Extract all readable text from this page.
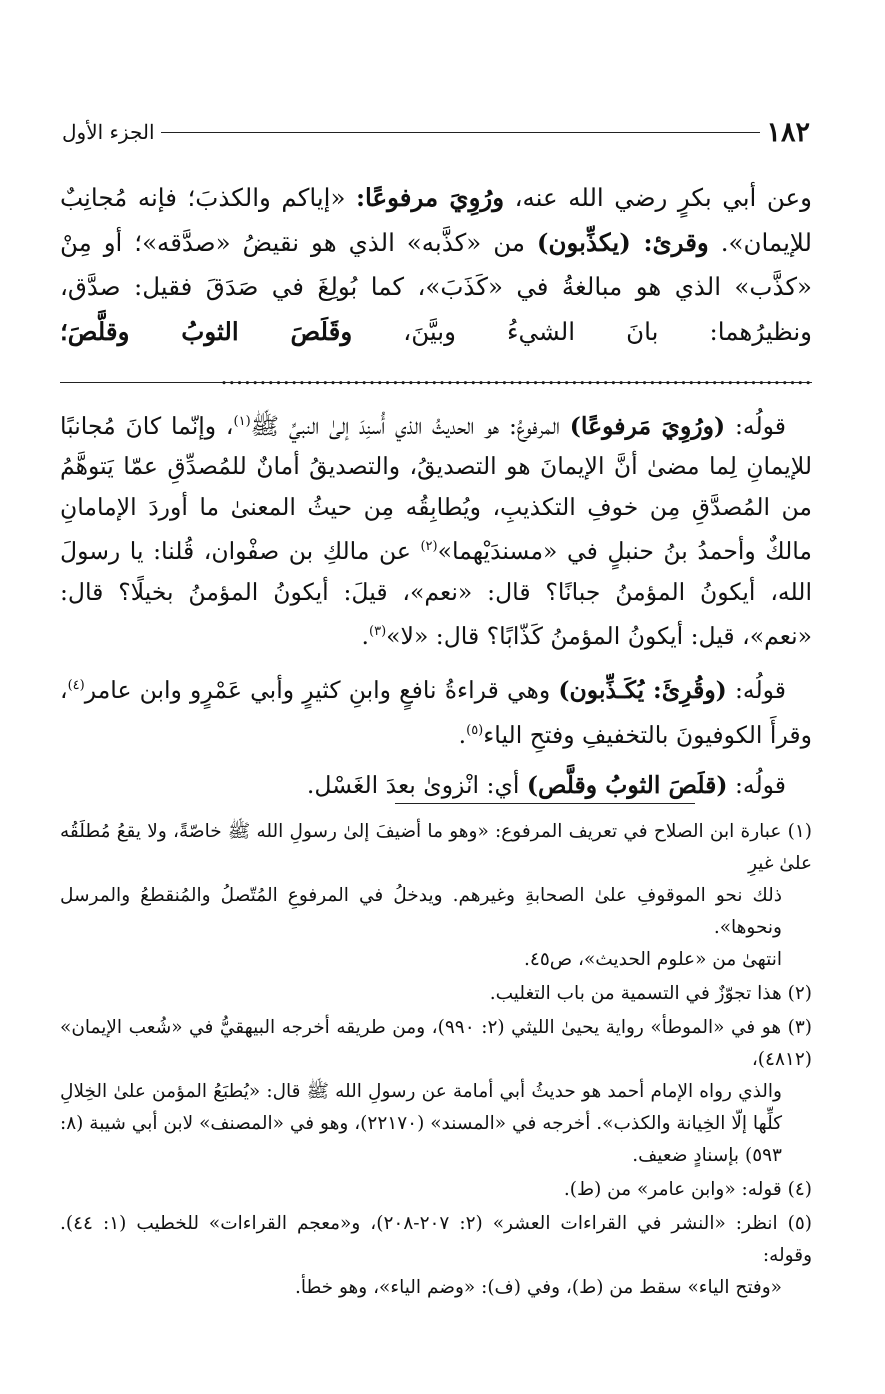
١٨٢
الجزء الأول

وعن أبي بكرٍ رضي الله عنه، ورُوِيَ مرفوعًا: «إياكم والكذبَ؛ فإنه مُجانِبٌ للإيمان». وقرئ: (يكذِّبون) من «كذَّبه» الذي هو نقيضُ «صدَّقه»؛ أو مِنْ «كذَّب» الذي هو مبالغةُ في «كَذَبَ»، كما بُولِغَ في صَدَقَ فقيل: صدَّق، ونظيرُهما: بانَ الشيءُ وبيَّنَ، وقَلَصَ الثوبُ وقلَّصَ؛ ............................................................................

قولُه: (ورُوِيَ مَرفوعًا) المرفوعُ: هو الحديثُ الذي أُسنِدَ إلىٰ النبيِّ ﷺ$^{(١)}$، وإنّما كانَ مُجانبًا للإيمانِ لِما مضىٰ أنَّ الإيمانَ هو التصديقُ، والتصديقُ أمانٌ للمُصدِّقِ عمّا يَتوهَّمُ من المُصدَّقِ مِن خوفِ التكذيبِ، ويُطابِقُه مِن حيثُ المعنىٰ ما أوردَ الإمامانِ مالكٌ وأحمدُ بنُ حنبلٍ في «مسندَيْهما»$^{(٢)}$ عن مالكِ بن صفْوان، قُلنا: يا رسولَ الله، أيكونُ المؤمنُ جبانًا؟ قال: «نعم»، قيلَ: أيكونُ المؤمنُ بخيلًا؟ قال: «نعم»، قيل: أيكونُ المؤمنُ كَذّابًا؟ قال: «لا»$^{(٣)}$.

قولُه: (وقُرِئَ: يُكَـذِّبون) وهي قراءةُ نافعٍ وابنِ كثيرٍ وأبي عَمْرٍو وابن عامر$^{(٤)}$، وقرأَ الكوفيونَ بالتخفيفِ وفتحِ الياء$^{(٥)}$.

قولُه: (قلَصَ الثوبُ وقلَّص) أي: انْزوىٰ بعدَ الغَسْل.

(١) عبارة ابن الصلاح في تعريف المرفوع: «وهو ما أضيفَ إلىٰ رسولِ الله ﷺ خاصّةً، ولا يقعُ مُطلَقُه علىٰ غيرِ
ذلك نحو الموقوفِ علىٰ الصحابةِ وغيرهم. ويدخلُ في المرفوعِ المُتّصلُ والمُنقطعُ والمرسل ونحوها».
انتهىٰ من «علوم الحديث»، ص٤٥.
(٢) هذا تجوّزٌ في التسمية من باب التغليب.
(٣) هو في «الموطأ» رواية يحيىٰ الليثي (٢: ٩٩٠)، ومن طريقه أخرجه البيهقيُّ في «شُعب الإيمان» (٤٨١٢)،
والذي رواه الإمام أحمد هو حديثُ أبي أمامة عن رسولِ الله ﷺ قال: «يُطبَعُ المؤمن علىٰ الخِلالِ كلِّها إلّا الخِيانة والكذب». أخرجه في «المسند» (٢٢١٧٠)، وهو في «المصنف» لابن أبي شيبة (٨: ٥٩٣) بإسنادٍ ضعيف.
(٤) قوله: «وابن عامر» من (ط).
(٥) انظر: «النشر في القراءات العشر» (٢: ٢٠٧-٢٠٨)، و«معجم القراءات» للخطيب (١: ٤٤). وقوله:
«وفتح الياء» سقط من (ط)، وفي (ف): «وضم الياء»، وهو خطأ.
